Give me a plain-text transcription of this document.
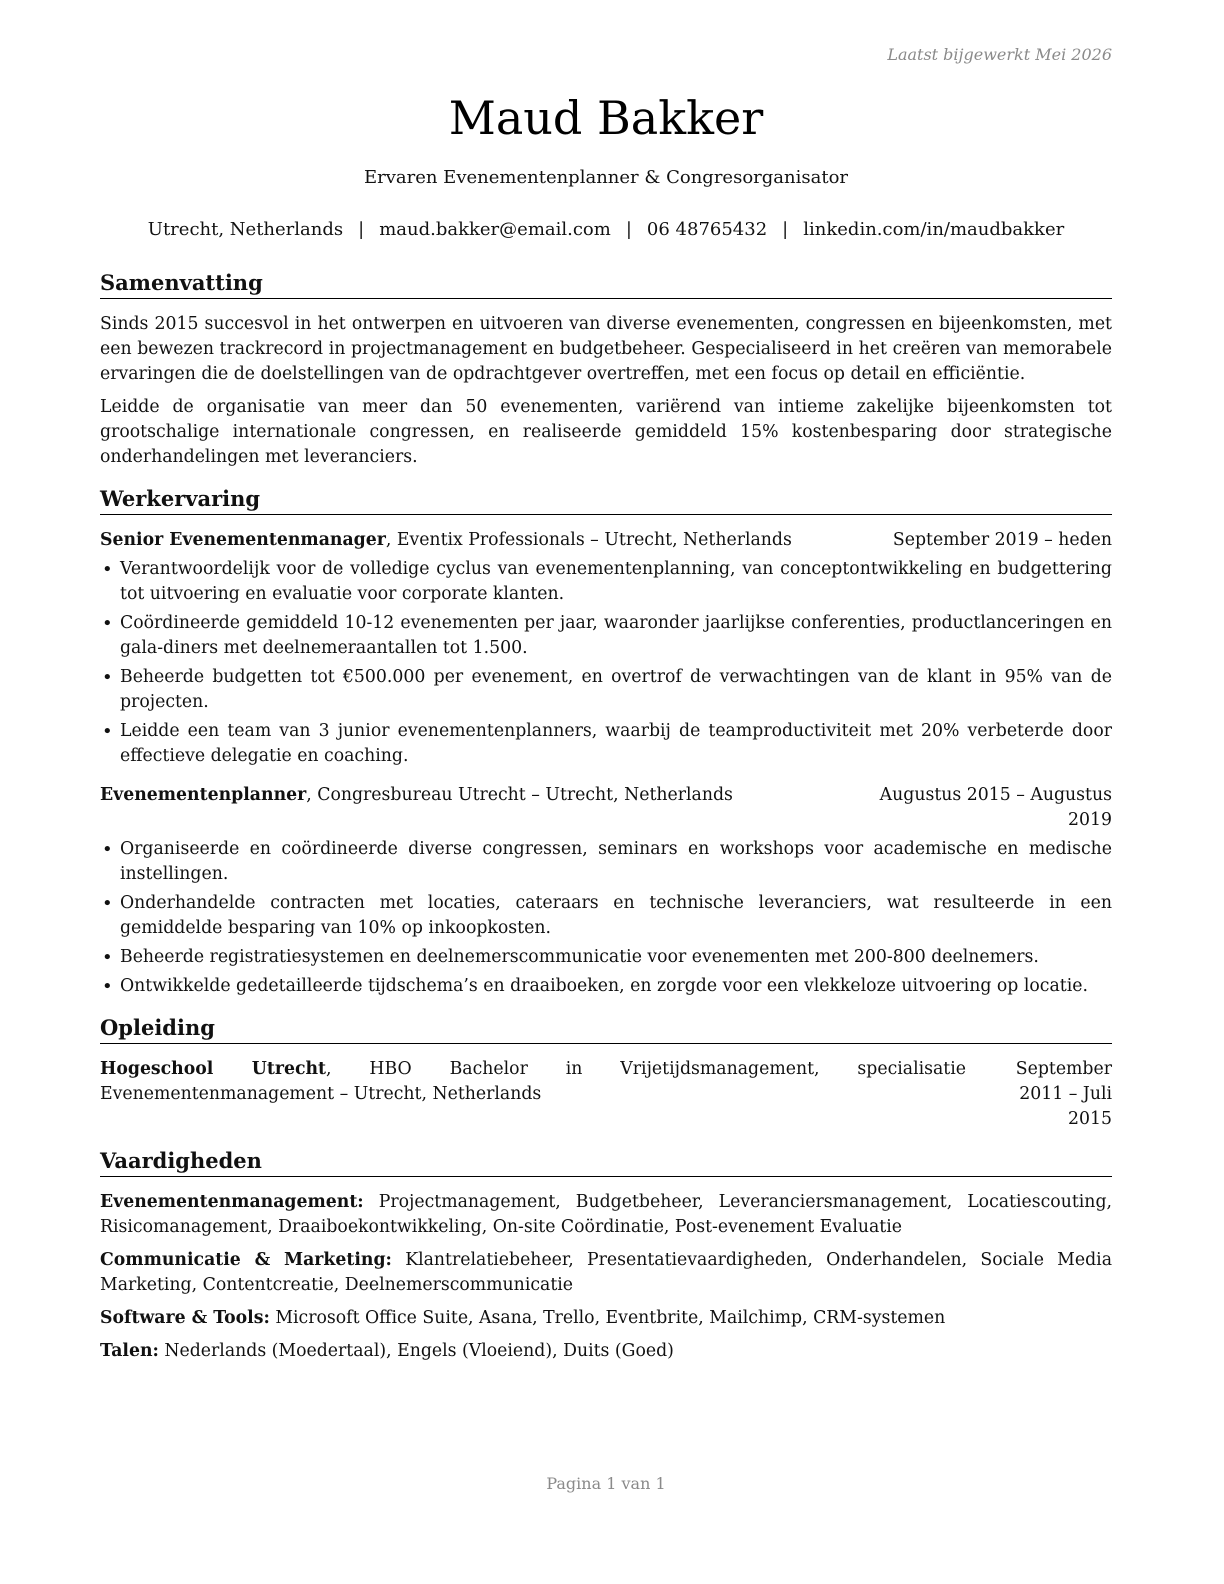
Laatst bijgewerkt Mei 2026
Maud Bakker
Ervaren Evenementenplanner & Congresorganisator
Utrecht, Netherlands | maud.bakker@email.com | 06 48765432 | linkedin.com/in/maudbakker
Samenvatting

Sinds 2015 succesvol in het ontwerpen en uitvoeren van diverse evenementen, congressen en bijeenkomsten, met een bewezen trackrecord in projectmanagement en budgetbeheer. Gespecialiseerd in het creëren van memorabele ervaringen die de doelstellingen van de opdrachtgever overtreffen, met een focus op detail en efficiëntie.

Leidde de organisatie van meer dan 50 evenementen, variërend van intieme zakelijke bijeenkomsten tot grootschalige internationale congressen, en realiseerde gemiddeld 15% kostenbesparing door strategische onderhandelingen met leveranciers.

Werkervaring
Senior Evenementenmanager, Eventix Professionals – Utrecht, Netherlands	September 2019 – heden
• Verantwoordelijk voor de volledige cyclus van evenementenplanning, van conceptontwikkeling en budgettering tot uitvoering en evaluatie voor corporate klanten.
• Coördineerde gemiddeld 10-12 evenementen per jaar, waaronder jaarlijkse conferenties, productlanceringen en gala-diners met deelnemeraantallen tot 1.500.
• Beheerde budgetten tot €500.000 per evenement, en overtrof de verwachtingen van de klant in 95% van de projecten.
• Leidde een team van 3 junior evenementenplanners, waarbij de teamproductiviteit met 20% verbeterde door effectieve delegatie en coaching.
Evenementenplanner, Congresbureau Utrecht – Utrecht, Netherlands	Augustus 2015 – Augustus 2019
• Organiseerde en coördineerde diverse congressen, seminars en workshops voor academische en medische instellingen.
• Onderhandelde contracten met locaties, cateraars en technische leveranciers, wat resulteerde in een gemiddelde besparing van 10% op inkoopkosten.
• Beheerde registratiesystemen en deelnemerscommunicatie voor evenementen met 200-800 deelnemers.
• Ontwikkelde gedetailleerde tijdschema’s en draaiboeken, en zorgde voor een vlekkeloze uitvoering op locatie.
Opleiding
Hogeschool Utrecht, HBO Bachelor in Vrijetijdsmanagement, specialisatie Evenementenmanagement – Utrecht, Netherlands
September 2011 – Juli 2015
Vaardigheden

Evenementenmanagement: Projectmanagement, Budgetbeheer, Leveranciersmanagement, Locatiescouting, Risicomanagement, Draaiboekontwikkeling, On-site Coördinatie, Post-evenement Evaluatie

Communicatie & Marketing: Klantrelatiebeheer, Presentatievaardigheden, Onderhandelen, Sociale Media Marketing, Contentcreatie, Deelnemerscommunicatie

Software & Tools: Microsoft Office Suite, Asana, Trello, Eventbrite, Mailchimp, CRM-systemen

Talen: Nederlands (Moedertaal), Engels (Vloeiend), Duits (Goed)

Pagina 1 van 1
